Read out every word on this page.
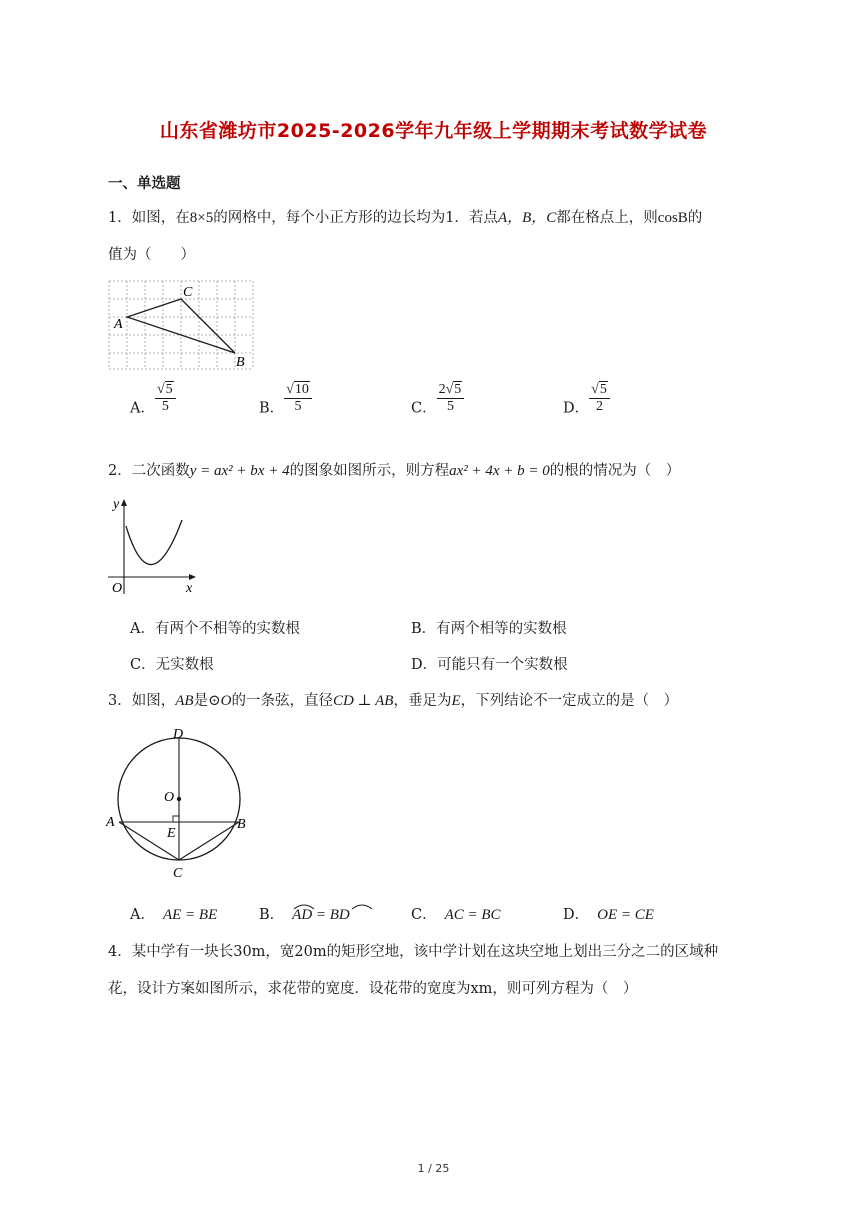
山东省潍坊市2025-2026学年九年级上学期期末考试数学试卷
一、单选题
1．如图，在8×5的网格中，每个小正方形的边长均为1．若点A，B，C都在格点上，则cosB的
值为（　　）
A
C
B
A． $\frac{√5}{5}$	B． $\frac{√10}{5}$	C． $\frac{2√5}{5}$	D． $\frac{√5}{2}$
2．二次函数y = ax² + bx + 4的图象如图所示，则方程ax² + 4x + b = 0的根的情况为（　）
y
x
O
A．有两个不相等的实数根	B．有两个相等的实数根
C．无实数根	D．可能只有一个实数根
3．如图，AB是⊙O的一条弦，直径CD ⊥ AB，垂足为E，下列结论不一定成立的是（　）
D
O
A	B
E
C
A． AE = BE	B． AD = BD	C． AC = BC	D． OE = CE
4．某中学有一块长30m，宽20m的矩形空地，该中学计划在这块空地上划出三分之二的区域种
花，设计方案如图所示，求花带的宽度．设花带的宽度为xm，则可列方程为（　）
1 / 25
